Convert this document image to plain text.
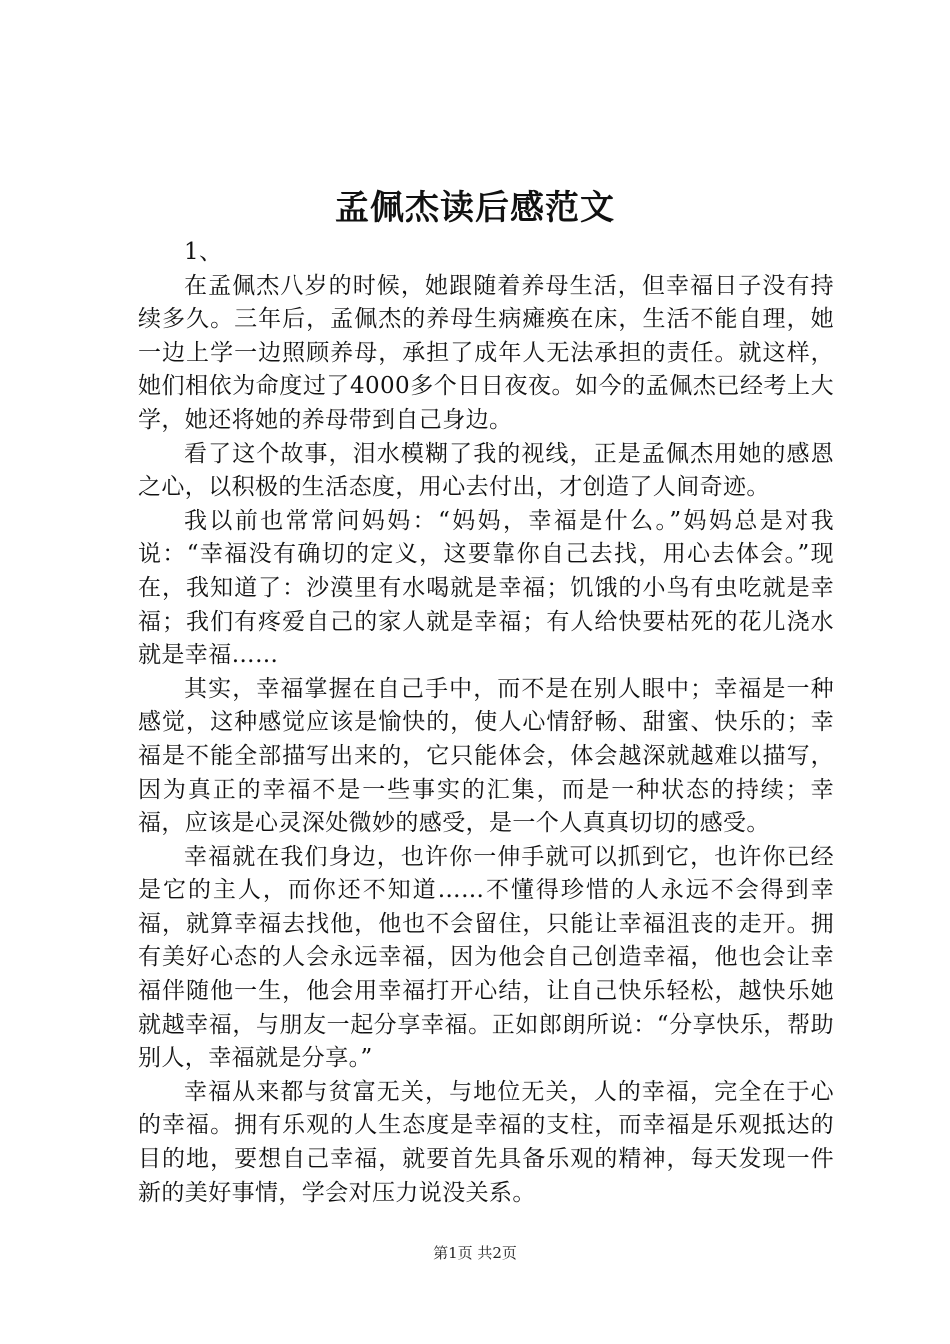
孟佩杰读后感范文

1、

在孟佩杰八岁的时候，她跟随着养母生活，但幸福日子没有持续多久。三年后，孟佩杰的养母生病瘫痪在床，生活不能自理，她一边上学一边照顾养母，承担了成年人无法承担的责任。就这样，她们相依为命度过了4000多个日日夜夜。如今的孟佩杰已经考上大学，她还将她的养母带到自己身边。

看了这个故事，泪水模糊了我的视线，正是孟佩杰用她的感恩之心，以积极的生活态度，用心去付出，才创造了人间奇迹。

我以前也常常问妈妈：“妈妈，幸福是什么。”妈妈总是对我说：“幸福没有确切的定义，这要靠你自己去找，用心去体会。”现在，我知道了：沙漠里有水喝就是幸福；饥饿的小鸟有虫吃就是幸福；我们有疼爱自己的家人就是幸福；有人给快要枯死的花儿浇水就是幸福……

其实，幸福掌握在自己手中，而不是在别人眼中；幸福是一种感觉，这种感觉应该是愉快的，使人心情舒畅、甜蜜、快乐的；幸福是不能全部描写出来的，它只能体会，体会越深就越难以描写，因为真正的幸福不是一些事实的汇集，而是一种状态的持续；幸福，应该是心灵深处微妙的感受，是一个人真真切切的感受。

幸福就在我们身边，也许你一伸手就可以抓到它，也许你已经是它的主人，而你还不知道……不懂得珍惜的人永远不会得到幸福，就算幸福去找他，他也不会留住，只能让幸福沮丧的走开。拥有美好心态的人会永远幸福，因为他会自己创造幸福，他也会让幸福伴随他一生，他会用幸福打开心结，让自己快乐轻松，越快乐她就越幸福，与朋友一起分享幸福。正如郎朗所说：“分享快乐，帮助别人，幸福就是分享。”

幸福从来都与贫富无关，与地位无关，人的幸福，完全在于心的幸福。拥有乐观的人生态度是幸福的支柱，而幸福是乐观抵达的目的地，要想自己幸福，就要首先具备乐观的精神，每天发现一件新的美好事情，学会对压力说没关系。

第1页 共2页
